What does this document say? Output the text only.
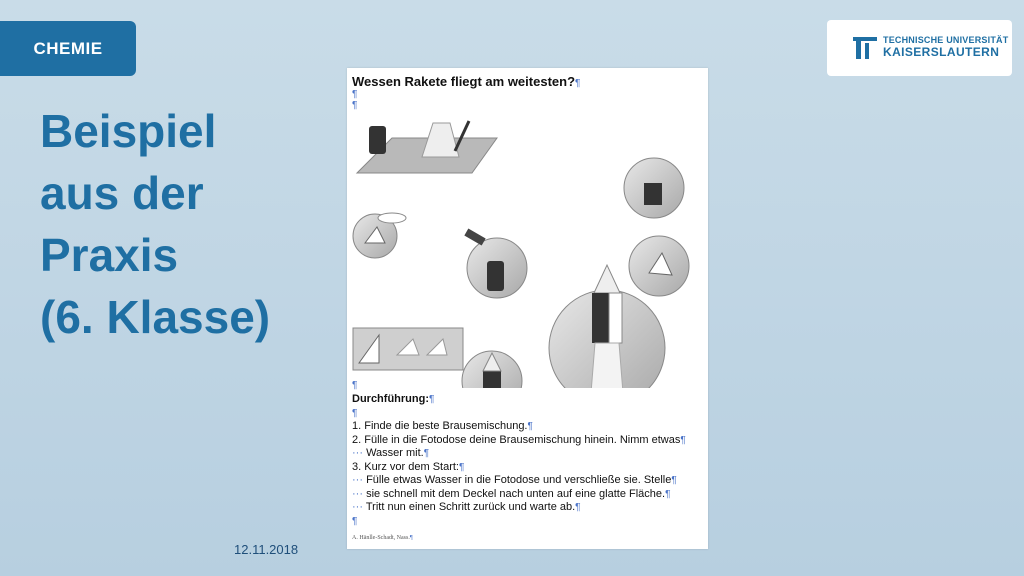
CHEMIE	TECHNISCHE UNIVERSITÄT
KAISERSLAUTERN
Beispiel
aus der
Praxis
(6. Klasse)
Wessen Rakete fliegt am weitesten?¶
¶
¶
¶
Durchführung:¶
¶
1. Finde die beste Brausemischung.¶
2. Fülle in die Fotodose deine Brausemischung hinein. Nimm etwas¶
··· Wasser mit.¶
3. Kurz vor dem Start:¶
··· Fülle etwas Wasser in die Fotodose und verschließe sie. Stelle¶
··· sie schnell mit dem Deckel nach unten auf eine glatte Fläche.¶
··· Tritt nun einen Schritt zurück und warte ab.¶
¶
A. Hänlle-Schadt, Nass.¶
12.11.2018
